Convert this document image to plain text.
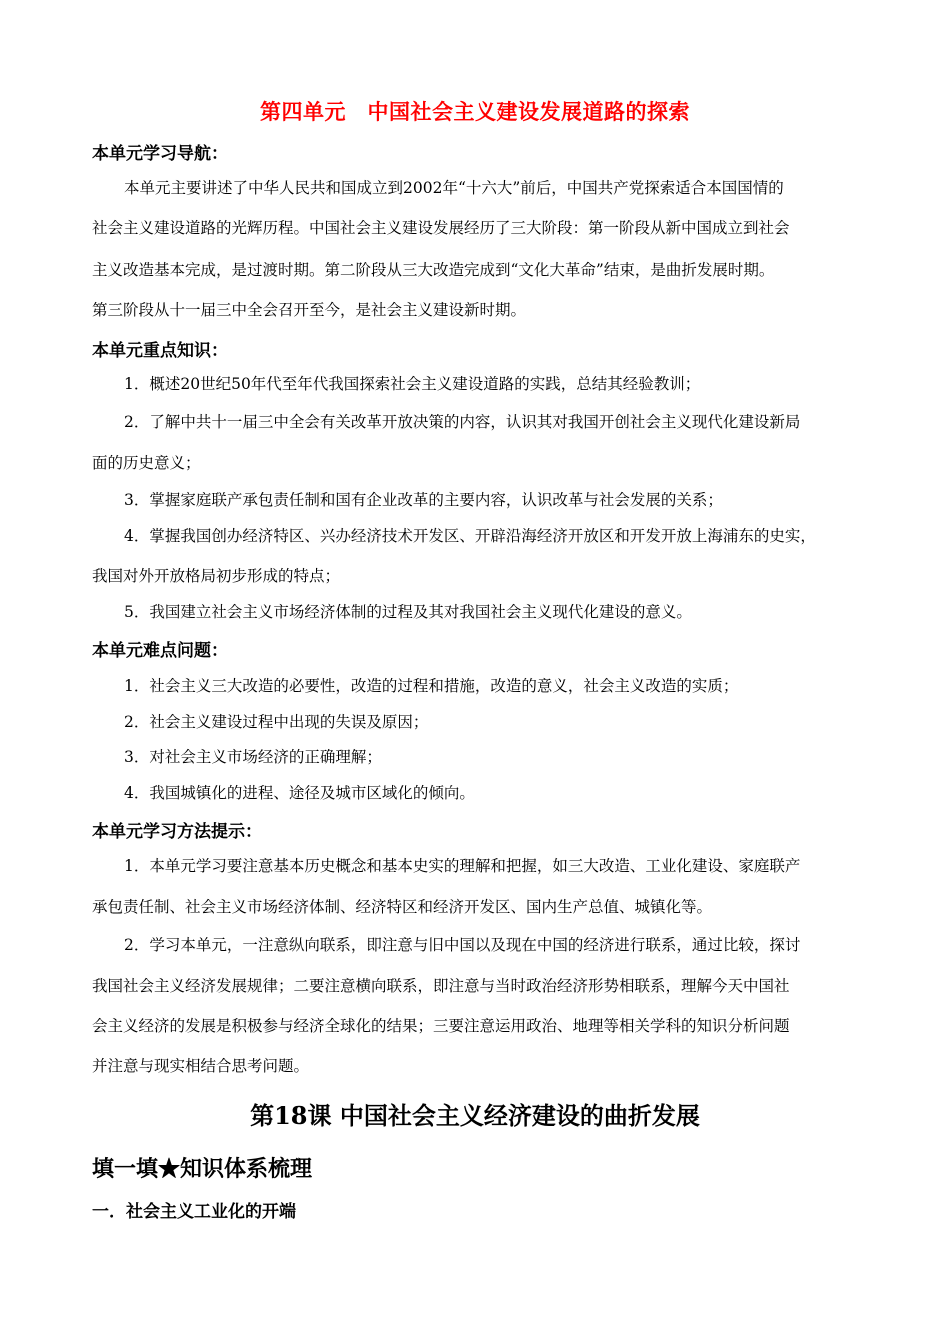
第四单元　中国社会主义建设发展道路的探索
本单元学习导航：
本单元主要讲述了中华人民共和国成立到2002年“十六大”前后，中国共产党探索适合本国国情的
社会主义建设道路的光辉历程。中国社会主义建设发展经历了三大阶段：第一阶段从新中国成立到社会
主义改造基本完成，是过渡时期。第二阶段从三大改造完成到“文化大革命”结束，是曲折发展时期。
第三阶段从十一届三中全会召开至今，是社会主义建设新时期。
本单元重点知识：
1．概述20世纪50年代至年代我国探索社会主义建设道路的实践，总结其经验教训；
2．了解中共十一届三中全会有关改革开放决策的内容，认识其对我国开创社会主义现代化建设新局
面的历史意义；
3．掌握家庭联产承包责任制和国有企业改革的主要内容，认识改革与社会发展的关系；
4．掌握我国创办经济特区、兴办经济技术开发区、开辟沿海经济开放区和开发开放上海浦东的史实，
我国对外开放格局初步形成的特点；
5．我国建立社会主义市场经济体制的过程及其对我国社会主义现代化建设的意义。
本单元难点问题：
1．社会主义三大改造的必要性，改造的过程和措施，改造的意义，社会主义改造的实质；
2．社会主义建设过程中出现的失误及原因；
3．对社会主义市场经济的正确理解；
4．我国城镇化的进程、途径及城市区域化的倾向。
本单元学习方法提示：
1．本单元学习要注意基本历史概念和基本史实的理解和把握，如三大改造、工业化建设、家庭联产
承包责任制、社会主义市场经济体制、经济特区和经济开发区、国内生产总值、城镇化等。
2．学习本单元，一注意纵向联系，即注意与旧中国以及现在中国的经济进行联系，通过比较，探讨
我国社会主义经济发展规律；二要注意横向联系，即注意与当时政治经济形势相联系，理解今天中国社
会主义经济的发展是积极参与经济全球化的结果；三要注意运用政治、地理等相关学科的知识分析问题
并注意与现实相结合思考问题。
第18课 中国社会主义经济建设的曲折发展
填一填★知识体系梳理
一．社会主义工业化的开端
